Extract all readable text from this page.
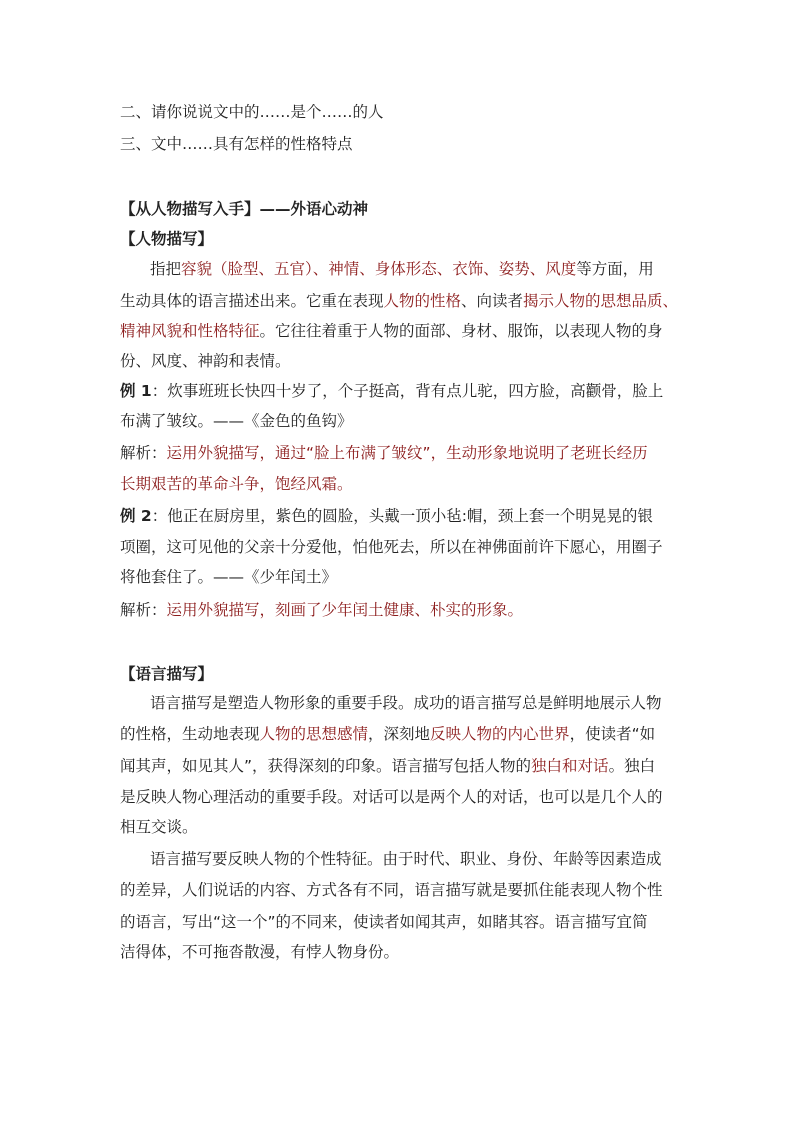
二、请你说说文中的……是个……的人
三、文中……具有怎样的性格特点
【从人物描写入手】——外语心动神
【人物描写】
指把容貌（脸型、五官）、神情、身体形态、衣饰、姿势、风度等方面，用
生动具体的语言描述出来。它重在表现人物的性格、向读者揭示人物的思想品质、
精神风貌和性格特征。它往往着重于人物的面部、身材、服饰，以表现人物的身
份、风度、神韵和表情。
例 1：炊事班班长快四十岁了，个子挺高，背有点儿驼，四方脸，高颧骨，脸上
布满了皱纹。——《金色的鱼钩》
解析：运用外貌描写，通过“脸上布满了皱纹”，生动形象地说明了老班长经历
长期艰苦的革命斗争，饱经风霜。
例 2：他正在厨房里，紫色的圆脸，头戴一顶小毡:帽，颈上套一个明晃晃的银
项圈，这可见他的父亲十分爱他，怕他死去，所以在神佛面前许下愿心，用圈子
将他套住了。——《少年闰土》
解析：运用外貌描写，刻画了少年闰土健康、朴实的形象。
【语言描写】
语言描写是塑造人物形象的重要手段。成功的语言描写总是鲜明地展示人物
的性格，生动地表现人物的思想感情，深刻地反映人物的内心世界，使读者“如
闻其声，如见其人”，获得深刻的印象。语言描写包括人物的独白和对话。独白
是反映人物心理活动的重要手段。对话可以是两个人的对话，也可以是几个人的
相互交谈。
语言描写要反映人物的个性特征。由于时代、职业、身份、年龄等因素造成
的差异，人们说话的内容、方式各有不同，语言描写就是要抓住能表现人物个性
的语言，写出“这一个”的不同来，使读者如闻其声，如睹其容。语言描写宜简
洁得体，不可拖沓散漫，有悖人物身份。
